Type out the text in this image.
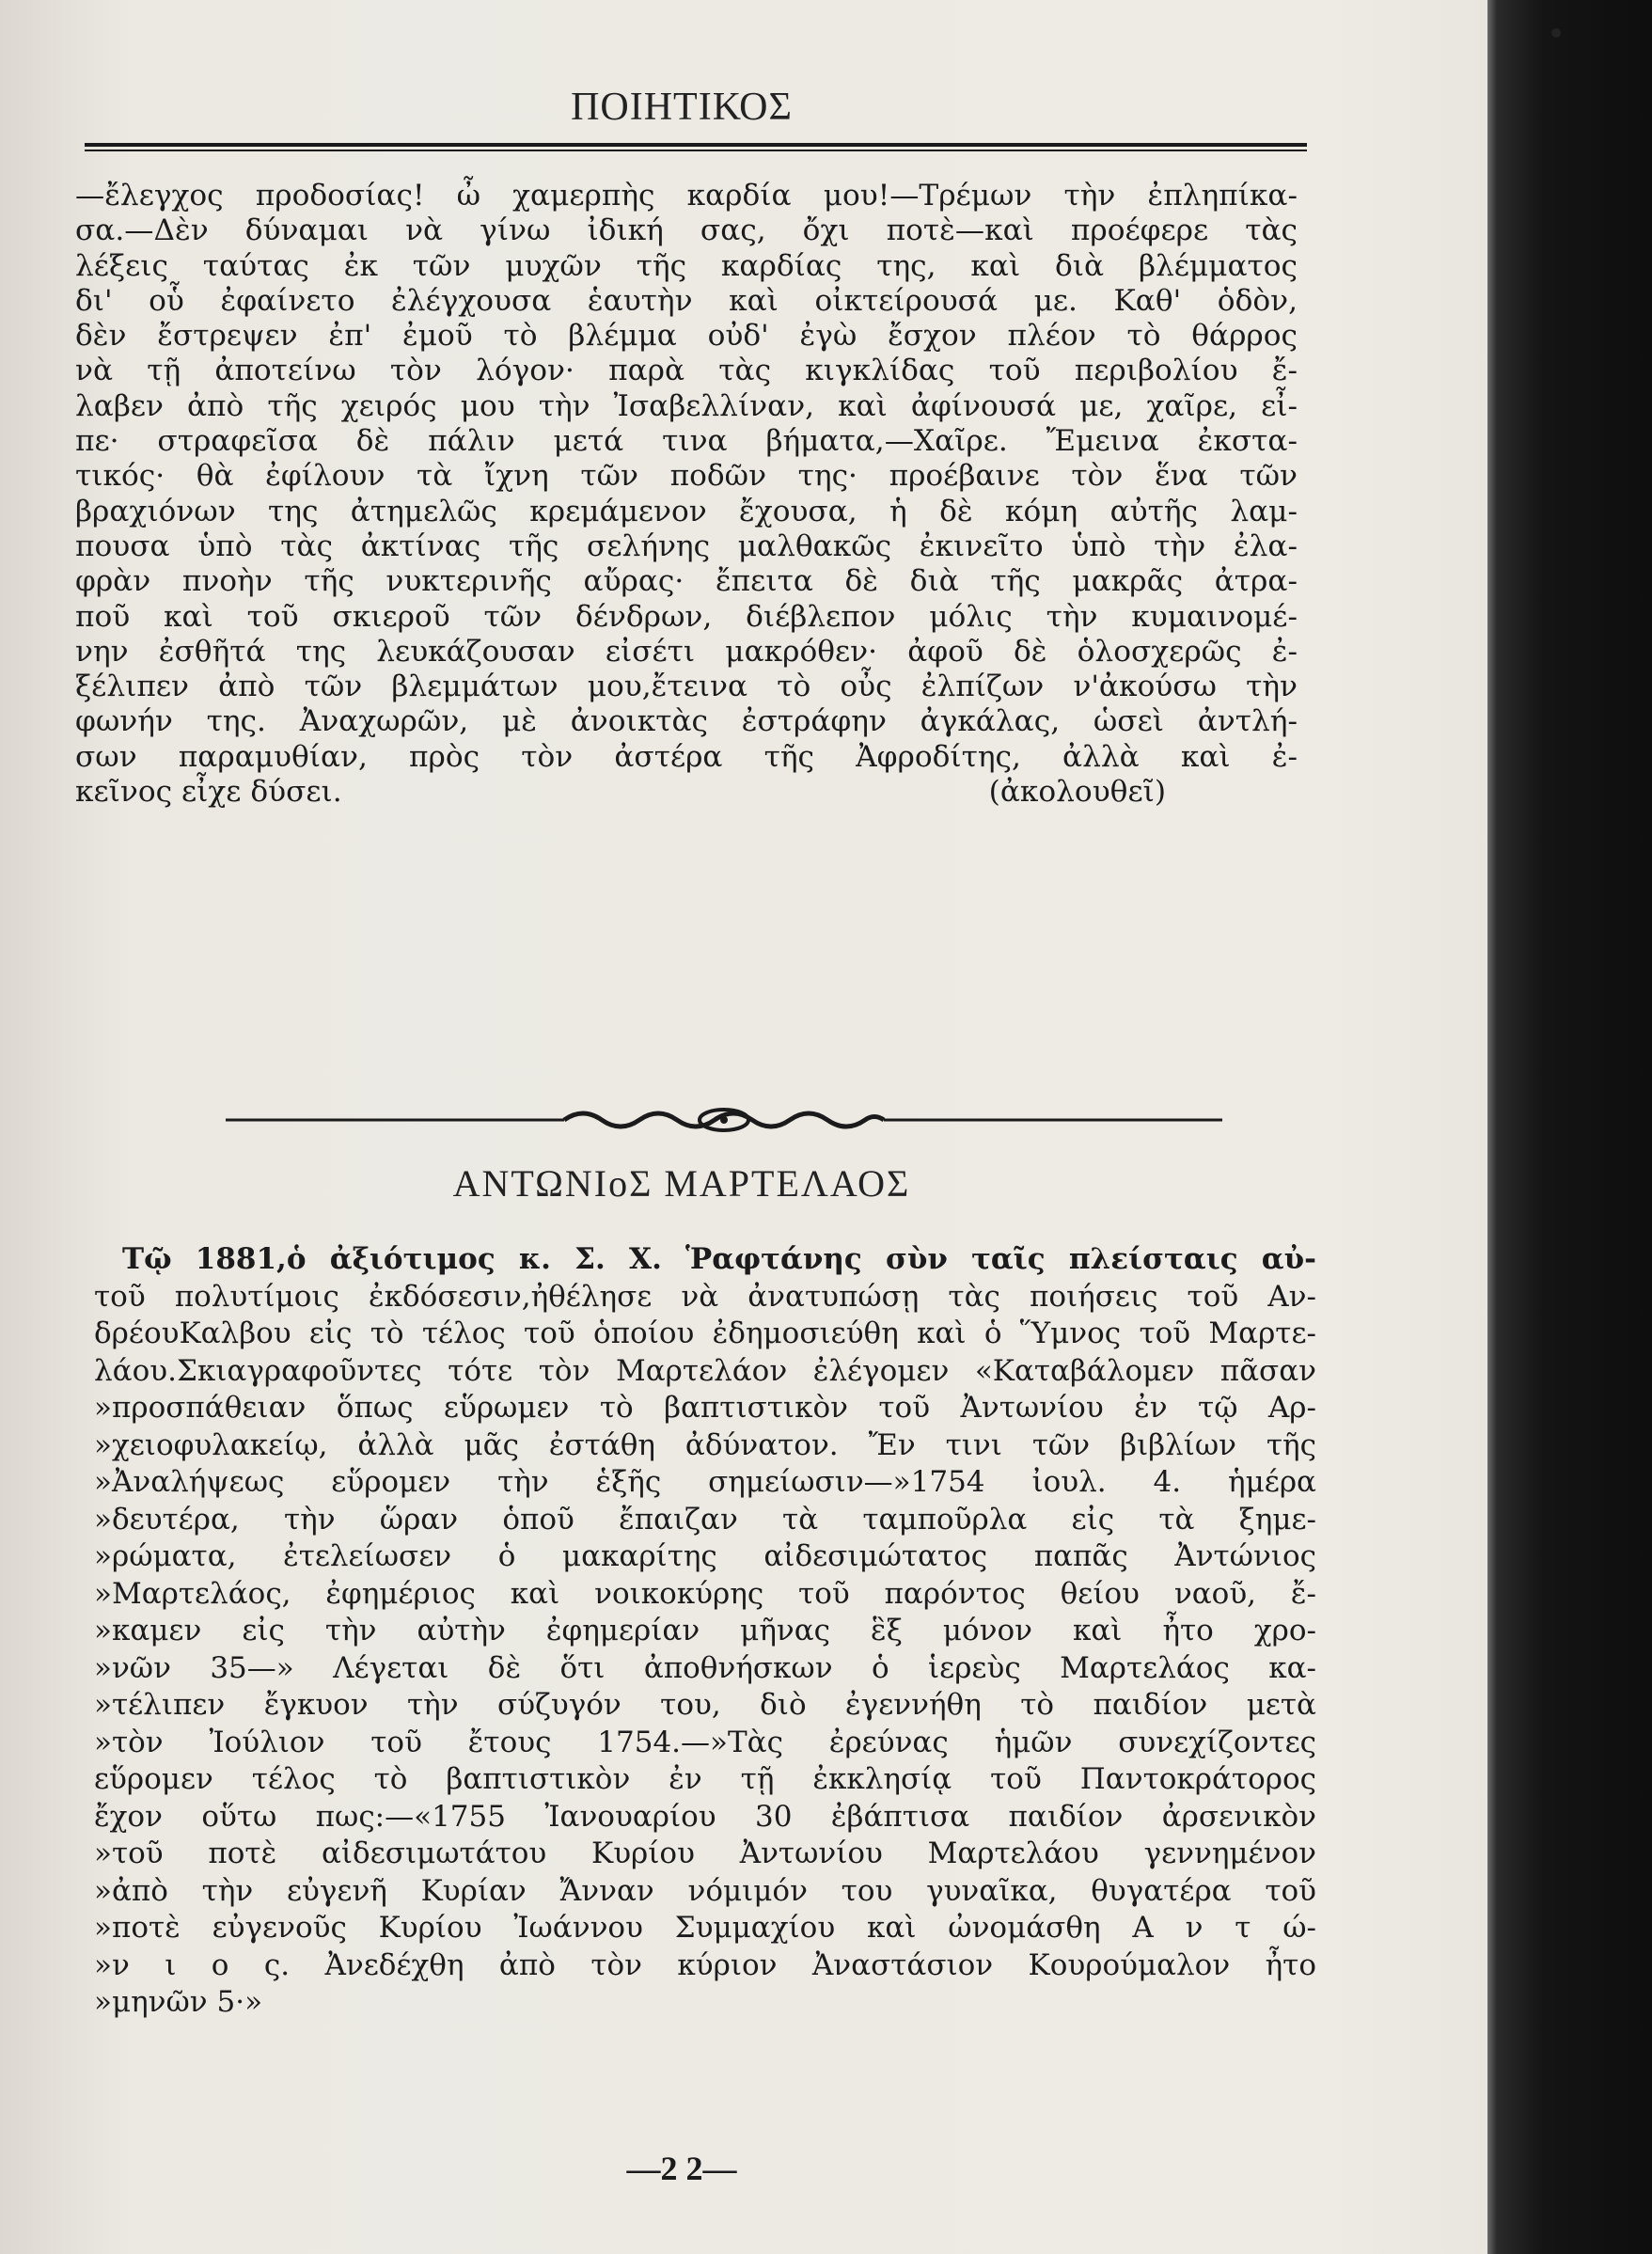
ΠΟΙΗΤΙΚΟΣ
—ἔλεγχος προδοσίας! ὦ χαμερπὴς καρδία μου!—Τρέμων τὴν ἐπληπίκα-
σα.—Δὲν δύναμαι νὰ γίνω ἰδική σας, ὄχι ποτὲ—καὶ προέφερε τὰς
λέξεις ταύτας ἐκ τῶν μυχῶν τῆς καρδίας της, καὶ διὰ βλέμματος
δι' οὗ ἐφαίνετο ἐλέγχουσα ἑαυτὴν καὶ οἰκτείρουσά με. Καθ' ὁδὸν,
δὲν ἔστρεψεν ἐπ' ἐμοῦ τὸ βλέμμα οὐδ' ἐγὼ ἔσχον πλέον τὸ θάρρος
νὰ τῇ ἀποτείνω τὸν λόγον· παρὰ τὰς κιγκλίδας τοῦ περιβολίου ἔ-
λαβεν ἀπὸ τῆς χειρός μου τὴν Ἰσαβελλίναν, καὶ ἀφίνουσά με, χαῖρε, εἶ-
πε· στραφεῖσα δὲ πάλιν μετά τινα βήματα,—Χαῖρε. Ἔμεινα ἐκστα-
τικός· θὰ ἐφίλουν τὰ ἴχνη τῶν ποδῶν της· προέβαινε τὸν ἕνα τῶν
βραχιόνων της ἀτημελῶς κρεμάμενον ἔχουσα, ἡ δὲ κόμη αὐτῆς λαμ-
πουσα ὑπὸ τὰς ἀκτίνας τῆς σελήνης μαλθακῶς ἐκινεῖτο ὑπὸ τὴν ἐλα-
φρὰν πνοὴν τῆς νυκτερινῆς αὔρας· ἔπειτα δὲ διὰ τῆς μακρᾶς ἀτρα-
ποῦ καὶ τοῦ σκιεροῦ τῶν δένδρων, διέβλεπον μόλις τὴν κυμαινομέ-
νην ἐσθῆτά της λευκάζουσαν εἰσέτι μακρόθεν· ἀφοῦ δὲ ὁλοσχερῶς ἐ-
ξέλιπεν ἀπὸ τῶν βλεμμάτων μου,ἔτεινα τὸ οὖς ἐλπίζων ν'ἀκούσω τὴν
φωνήν της. Ἀναχωρῶν, μὲ ἀνοικτὰς ἐστράφην ἀγκάλας, ὡσεὶ ἀντλή-
σων παραμυθίαν, πρὸς τὸν ἀστέρα τῆς Ἀφροδίτης, ἀλλὰ καὶ ἐ-
κεῖνος εἶχε δύσει.	(ἀκολουθεῖ)
ΑΝΤΩΝΙοΣ ΜΑΡΤΕΛΑΟΣ
Τῷ 1881,ὁ ἀξιότιμος κ. Σ. Χ. Ῥαφτάνης σὺν ταῖς πλείσταις αὐ-
τοῦ πολυτίμοις ἐκδόσεσιν,ἠθέλησε νὰ ἀνατυπώσῃ τὰς ποιήσεις τοῦ Αν-
δρέουΚαλβου εἰς τὸ τέλος τοῦ ὁποίου ἐδημοσιεύθη καὶ ὁ Ὕμνος τοῦ Μαρτε-
λάου.Σκιαγραφοῦντες τότε τὸν Μαρτελάον ἐλέγομεν «Καταβάλομεν πᾶσαν
»προσπάθειαν ὅπως εὕρωμεν τὸ βαπτιστικὸν τοῦ Ἀντωνίου ἐν τῷ Αρ-
»χειοφυλακείῳ, ἀλλὰ μᾶς ἐστάθη ἀδύνατον. Ἔν τινι τῶν βιβλίων τῆς
»Ἀναλήψεως εὕρομεν τὴν ἑξῆς σημείωσιν—»1754 ἰουλ. 4. ἡμέρα
»δευτέρα, τὴν ὥραν ὁποῦ ἔπαιζαν τὰ ταμποῦρλα εἰς τὰ ξημε-
»ρώματα, ἐτελείωσεν ὁ μακαρίτης αἰδεσιμώτατος παπᾶς Ἀντώνιος
»Μαρτελάος, ἐφημέριος καὶ νοικοκύρης τοῦ παρόντος θείου ναοῦ, ἔ-
»καμεν εἰς τὴν αὐτὴν ἐφημερίαν μῆνας ἓξ μόνον καὶ ἦτο χρο-
»νῶν 35—» Λέγεται δὲ ὅτι ἀποθνήσκων ὁ ἱερεὺς Μαρτελάος κα-
»τέλιπεν ἔγκυον τὴν σύζυγόν του, διὸ ἐγεννήθη τὸ παιδίον μετὰ
»τὸν Ἰούλιον τοῦ ἔτους 1754.—»Τὰς ἐρεύνας ἡμῶν συνεχίζοντες
εὕρομεν τέλος τὸ βαπτιστικὸν ἐν τῇ ἐκκλησίᾳ τοῦ Παντοκράτορος
ἔχον οὕτω πως:—«1755 Ἰανουαρίου 30 ἐβάπτισα παιδίον ἀρσενικὸν
»τοῦ ποτὲ αἰδεσιμωτάτου Κυρίου Ἀντωνίου Μαρτελάου γεννημένον
»ἀπὸ τὴν εὐγενῆ Κυρίαν Ἄνναν νόμιμόν του γυναῖκα, θυγατέρα τοῦ
»ποτὲ εὐγενοῦς Κυρίου Ἰωάννου Συμμαχίου καὶ ὠνομάσθη Α ν τ ώ-
»ν ι ο ς. Ἀνεδέχθη ἀπὸ τὸν κύριον Ἀναστάσιον Κουρούμαλον ἦτο
»μηνῶν 5·»
—2 2—
